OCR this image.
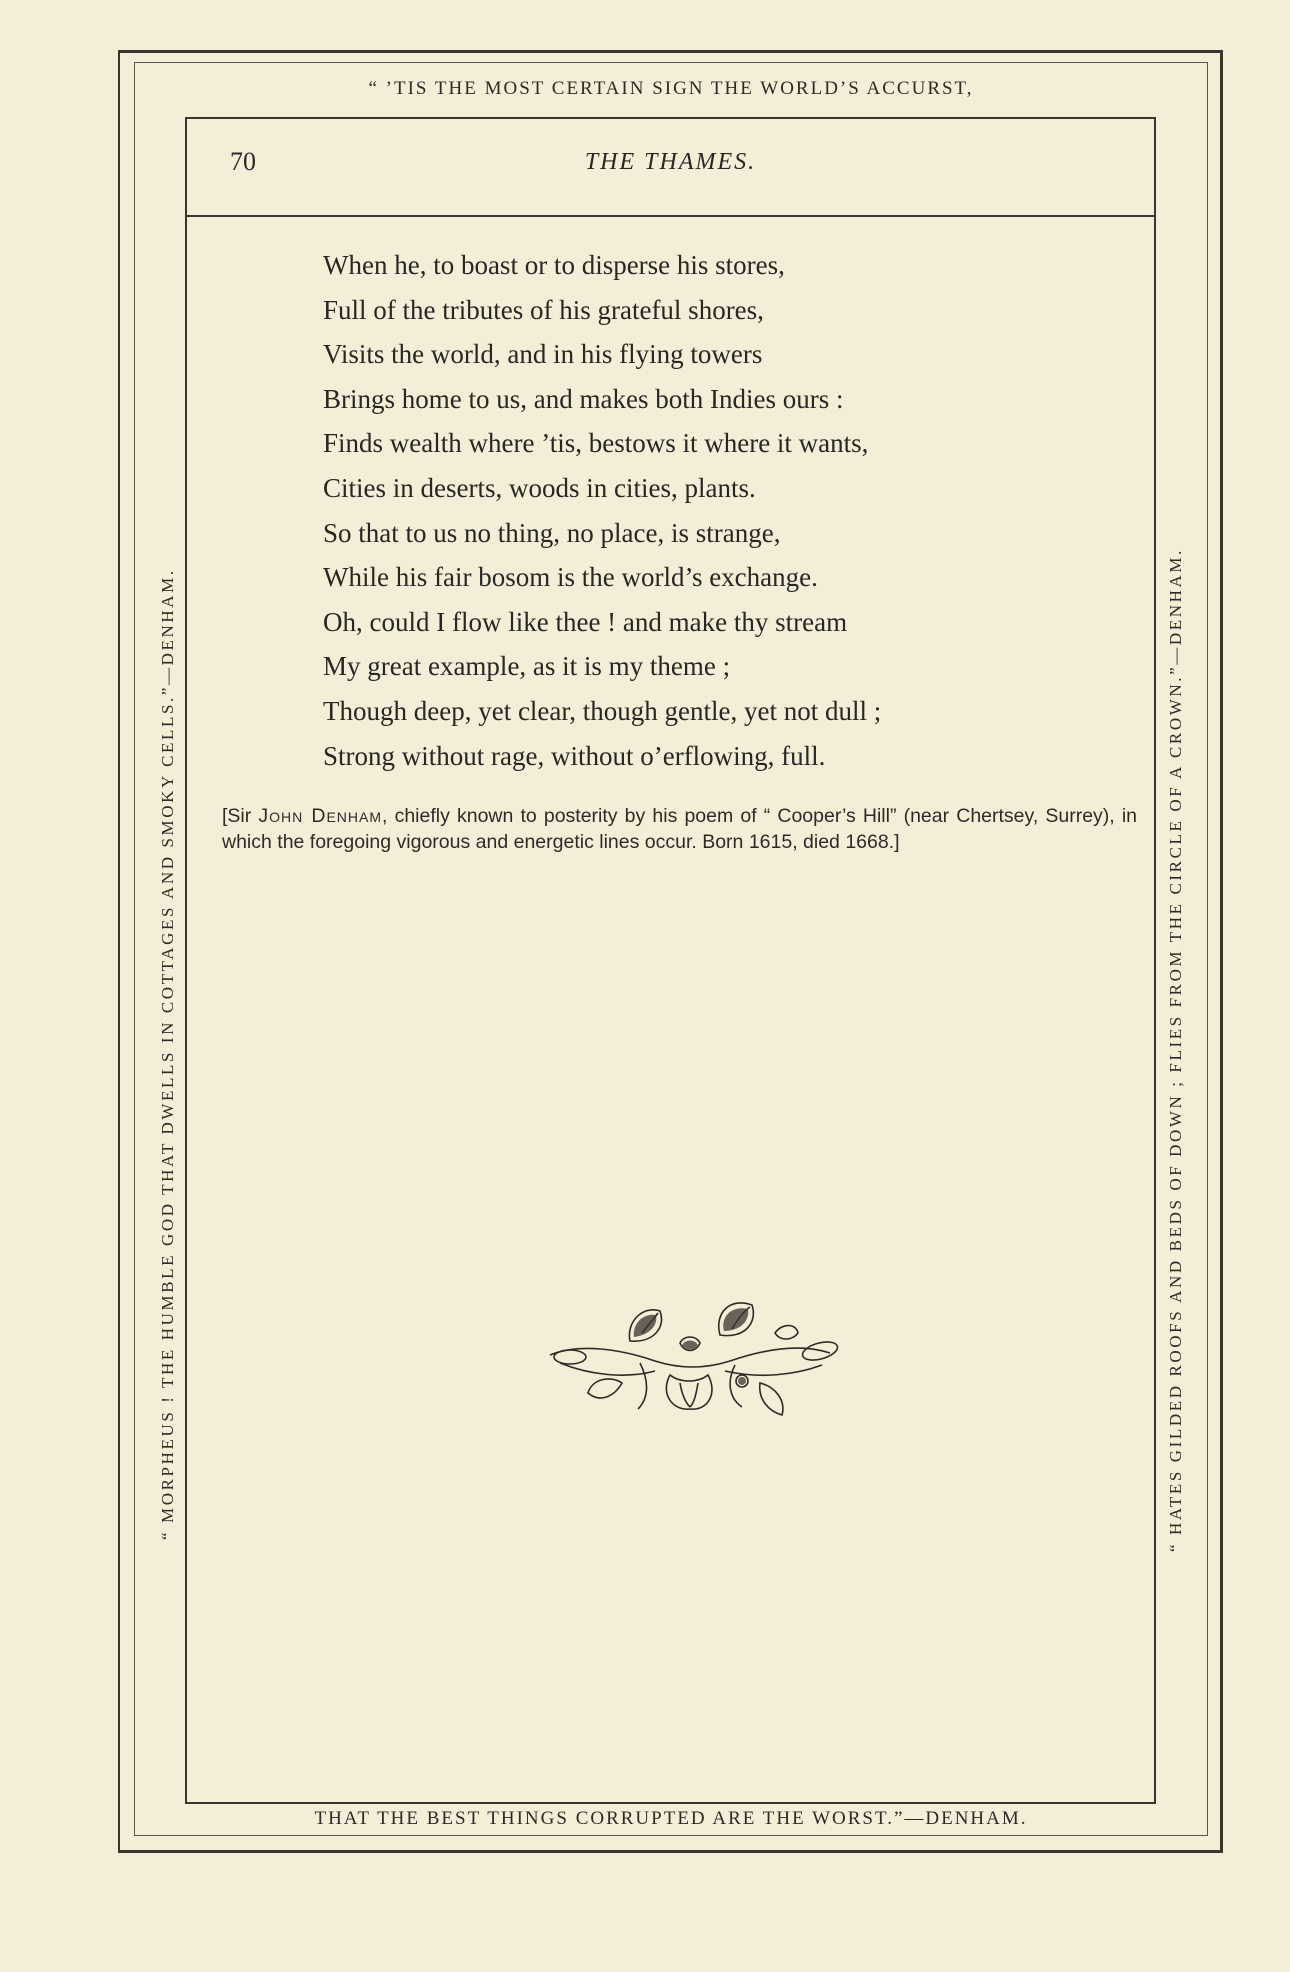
“ ’TIS THE MOST CERTAIN SIGN THE WORLD’S ACCURST,
“ MORPHEUS ! THE HUMBLE GOD THAT DWELLS IN COTTAGES AND SMOKY CELLS.”—DENHAM.	“ HATES GILDED ROOFS AND BEDS OF DOWN ; FLIES FROM THE CIRCLE OF A CROWN.”—DENHAM.
70	THE THAMES.
When he, to boast or to disperse his stores,
Full of the tributes of his grateful shores,
Visits the world, and in his flying towers
Brings home to us, and makes both Indies ours :
Finds wealth where ’tis, bestows it where it wants,
Cities in deserts, woods in cities, plants.
So that to us no thing, no place, is strange,
While his fair bosom is the world’s exchange.
Oh, could I flow like thee ! and make thy stream
My great example, as it is my theme ;
Though deep, yet clear, though gentle, yet not dull ;
Strong without rage, without o’erflowing, full.
[Sir John Denham, chiefly known to posterity by his poem of “ Cooper’s Hill” (near Chertsey, Surrey), in which the foregoing vigorous and energetic lines occur. Born 1615, died 1668.]
THAT THE BEST THINGS CORRUPTED ARE THE WORST.”—DENHAM.
